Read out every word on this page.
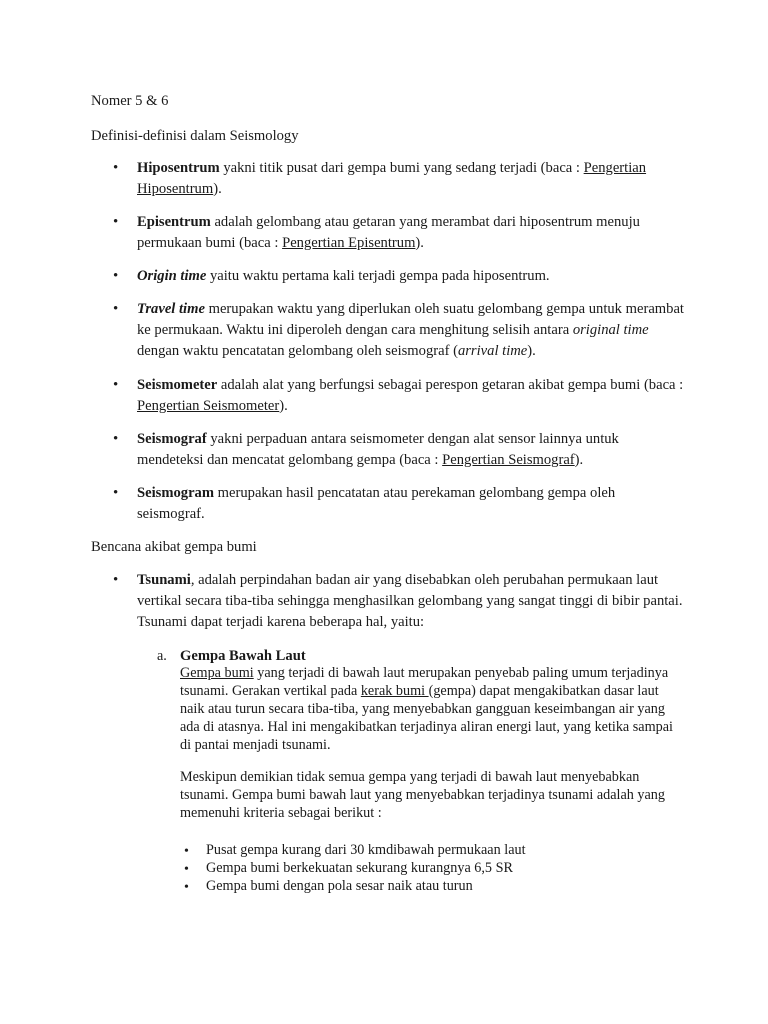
Nomer 5 & 6
Definisi-definisi dalam Seismology
•
Hiposentrum yakni titik pusat dari gempa bumi yang sedang terjadi (baca : Pengertian Hiposentrum).
•
Episentrum adalah gelombang atau getaran yang merambat dari hiposentrum menuju permukaan bumi (baca : Pengertian Episentrum).
•
Origin time yaitu waktu pertama kali terjadi gempa pada hiposentrum.
•
Travel time merupakan waktu yang diperlukan oleh suatu gelombang gempa untuk merambat ke permukaan. Waktu ini diperoleh dengan cara menghitung selisih antara original time dengan waktu pencatatan gelombang oleh seismograf (arrival time).
•
Seismometer adalah alat yang berfungsi sebagai perespon getaran akibat gempa bumi (baca : Pengertian Seismometer).
•
Seismograf yakni perpaduan antara seismometer dengan alat sensor lainnya untuk mendeteksi dan mencatat gelombang gempa (baca : Pengertian Seismograf).
•
Seismogram merupakan hasil pencatatan atau perekaman gelombang gempa oleh seismograf.
Bencana akibat gempa bumi
•
Tsunami, adalah perpindahan badan air yang disebabkan oleh perubahan permukaan laut vertikal secara tiba-tiba sehingga menghasilkan gelombang yang sangat tinggi di bibir pantai. Tsunami dapat terjadi karena beberapa hal, yaitu:
a. Gempa Bawah Laut
Gempa bumi yang terjadi di bawah laut merupakan penyebab paling umum terjadinya tsunami. Gerakan vertikal pada kerak bumi (gempa) dapat mengakibatkan dasar laut naik atau turun secara tiba-tiba, yang menyebabkan gangguan keseimbangan air yang ada di atasnya. Hal ini mengakibatkan terjadinya aliran energi laut, yang ketika sampai di pantai menjadi tsunami.
Meskipun demikian tidak semua gempa yang terjadi di bawah laut menyebabkan tsunami. Gempa bumi bawah laut yang menyebabkan terjadinya tsunami adalah yang memenuhi kriteria sebagai berikut :
•
Pusat gempa kurang dari 30 kmdibawah permukaan laut
•
Gempa bumi berkekuatan sekurang kurangnya 6,5 SR
•
Gempa bumi dengan pola sesar naik atau turun
